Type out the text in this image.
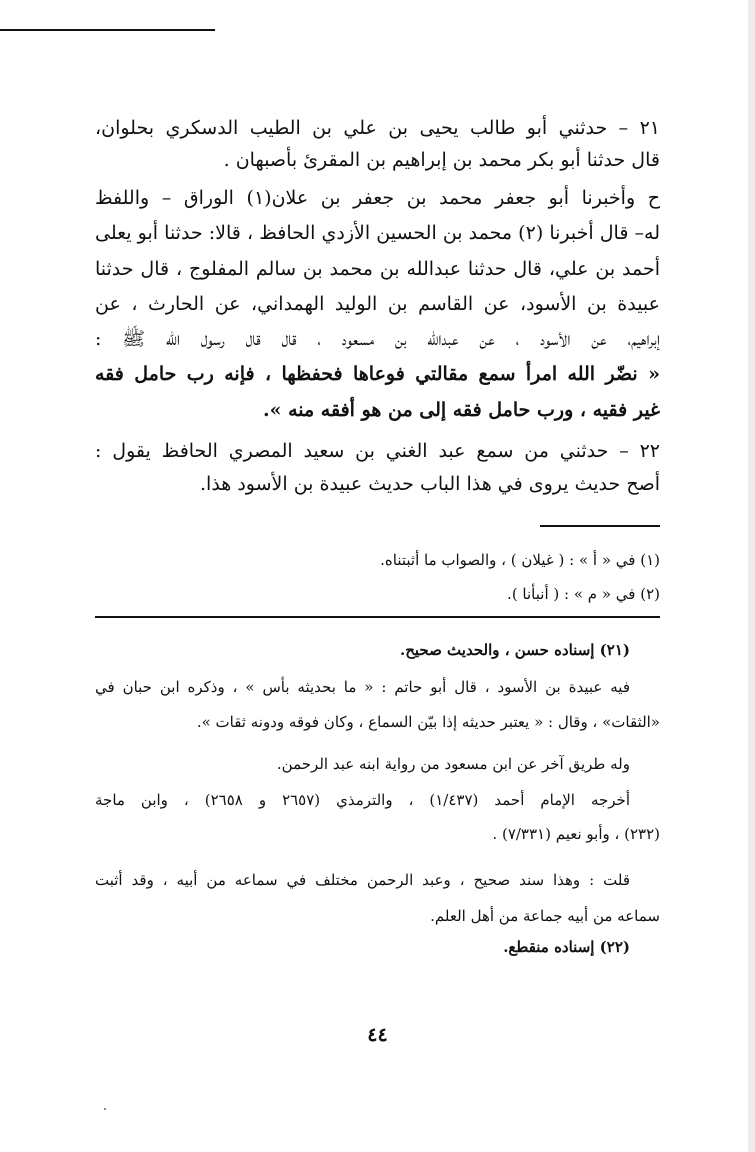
٢١ – حدثني أبو طالب يحيى بن علي بن الطيب الدسكري بحلوان،
قال حدثنا أبو بكر محمد بن إبراهيم بن المقرئ بأصبهان .
ح وأخبرنا أبو جعفر محمد بن جعفر بن علان(١) الوراق – واللفظ
له– قال أخبرنا (٢) محمد بن الحسين الأزدي الحافظ ، قالا: حدثنا أبو يعلى
أحمد بن علي، قال حدثنا عبدالله بن محمد بن سالم المفلوج ، قال حدثنا
عبيدة بن الأسود، عن القاسم بن الوليد الهمداني، عن الحارث ، عن
إبراهيم، عن الأسود ، عن عبدالله بن مسعود ، قال قال رسول الله ﷺ :
« نضّر الله امرأ سمع مقالتي فوعاها فحفظها ، فإنه رب حامل فقه
غير فقيه ، ورب حامل فقه إلى من هو أفقه منه ».
٢٢ – حدثني من سمع عبد الغني بن سعيد المصري الحافظ يقول :
أصح حديث يروى في هذا الباب حديث عبيدة بن الأسود هذا.
(١) في « أ » : ( غيلان ) ، والصواب ما أثبتناه.
(٢) في « م » : ( أنبأنا ).
(٢١) إسناده حسن ، والحديث صحيح.
فيه عبيدة بن الأسود ، قال أبو حاتم : « ما بحديثه بأس » ، وذكره ابن حبان في
«الثقات» ، وقال : « يعتبر حديثه إذا بيّن السماع ، وكان فوقه ودونه ثقات ».
وله طريق آخر عن ابن مسعود من رواية ابنه عبد الرحمن.
أخرجه الإمام أحمد (١/٤٣٧) ، والترمذي (٢٦٥٧ و ٢٦٥٨) ، وابن ماجة
(٢٣٢) ، وأبو نعيم (٧/٣٣١) .
قلت : وهذا سند صحيح ، وعبد الرحمن مختلف في سماعه من أبيه ، وقد أثبت
سماعه من أبيه جماعة من أهل العلم.
(٢٢) إسناده منقطع.
٤٤
